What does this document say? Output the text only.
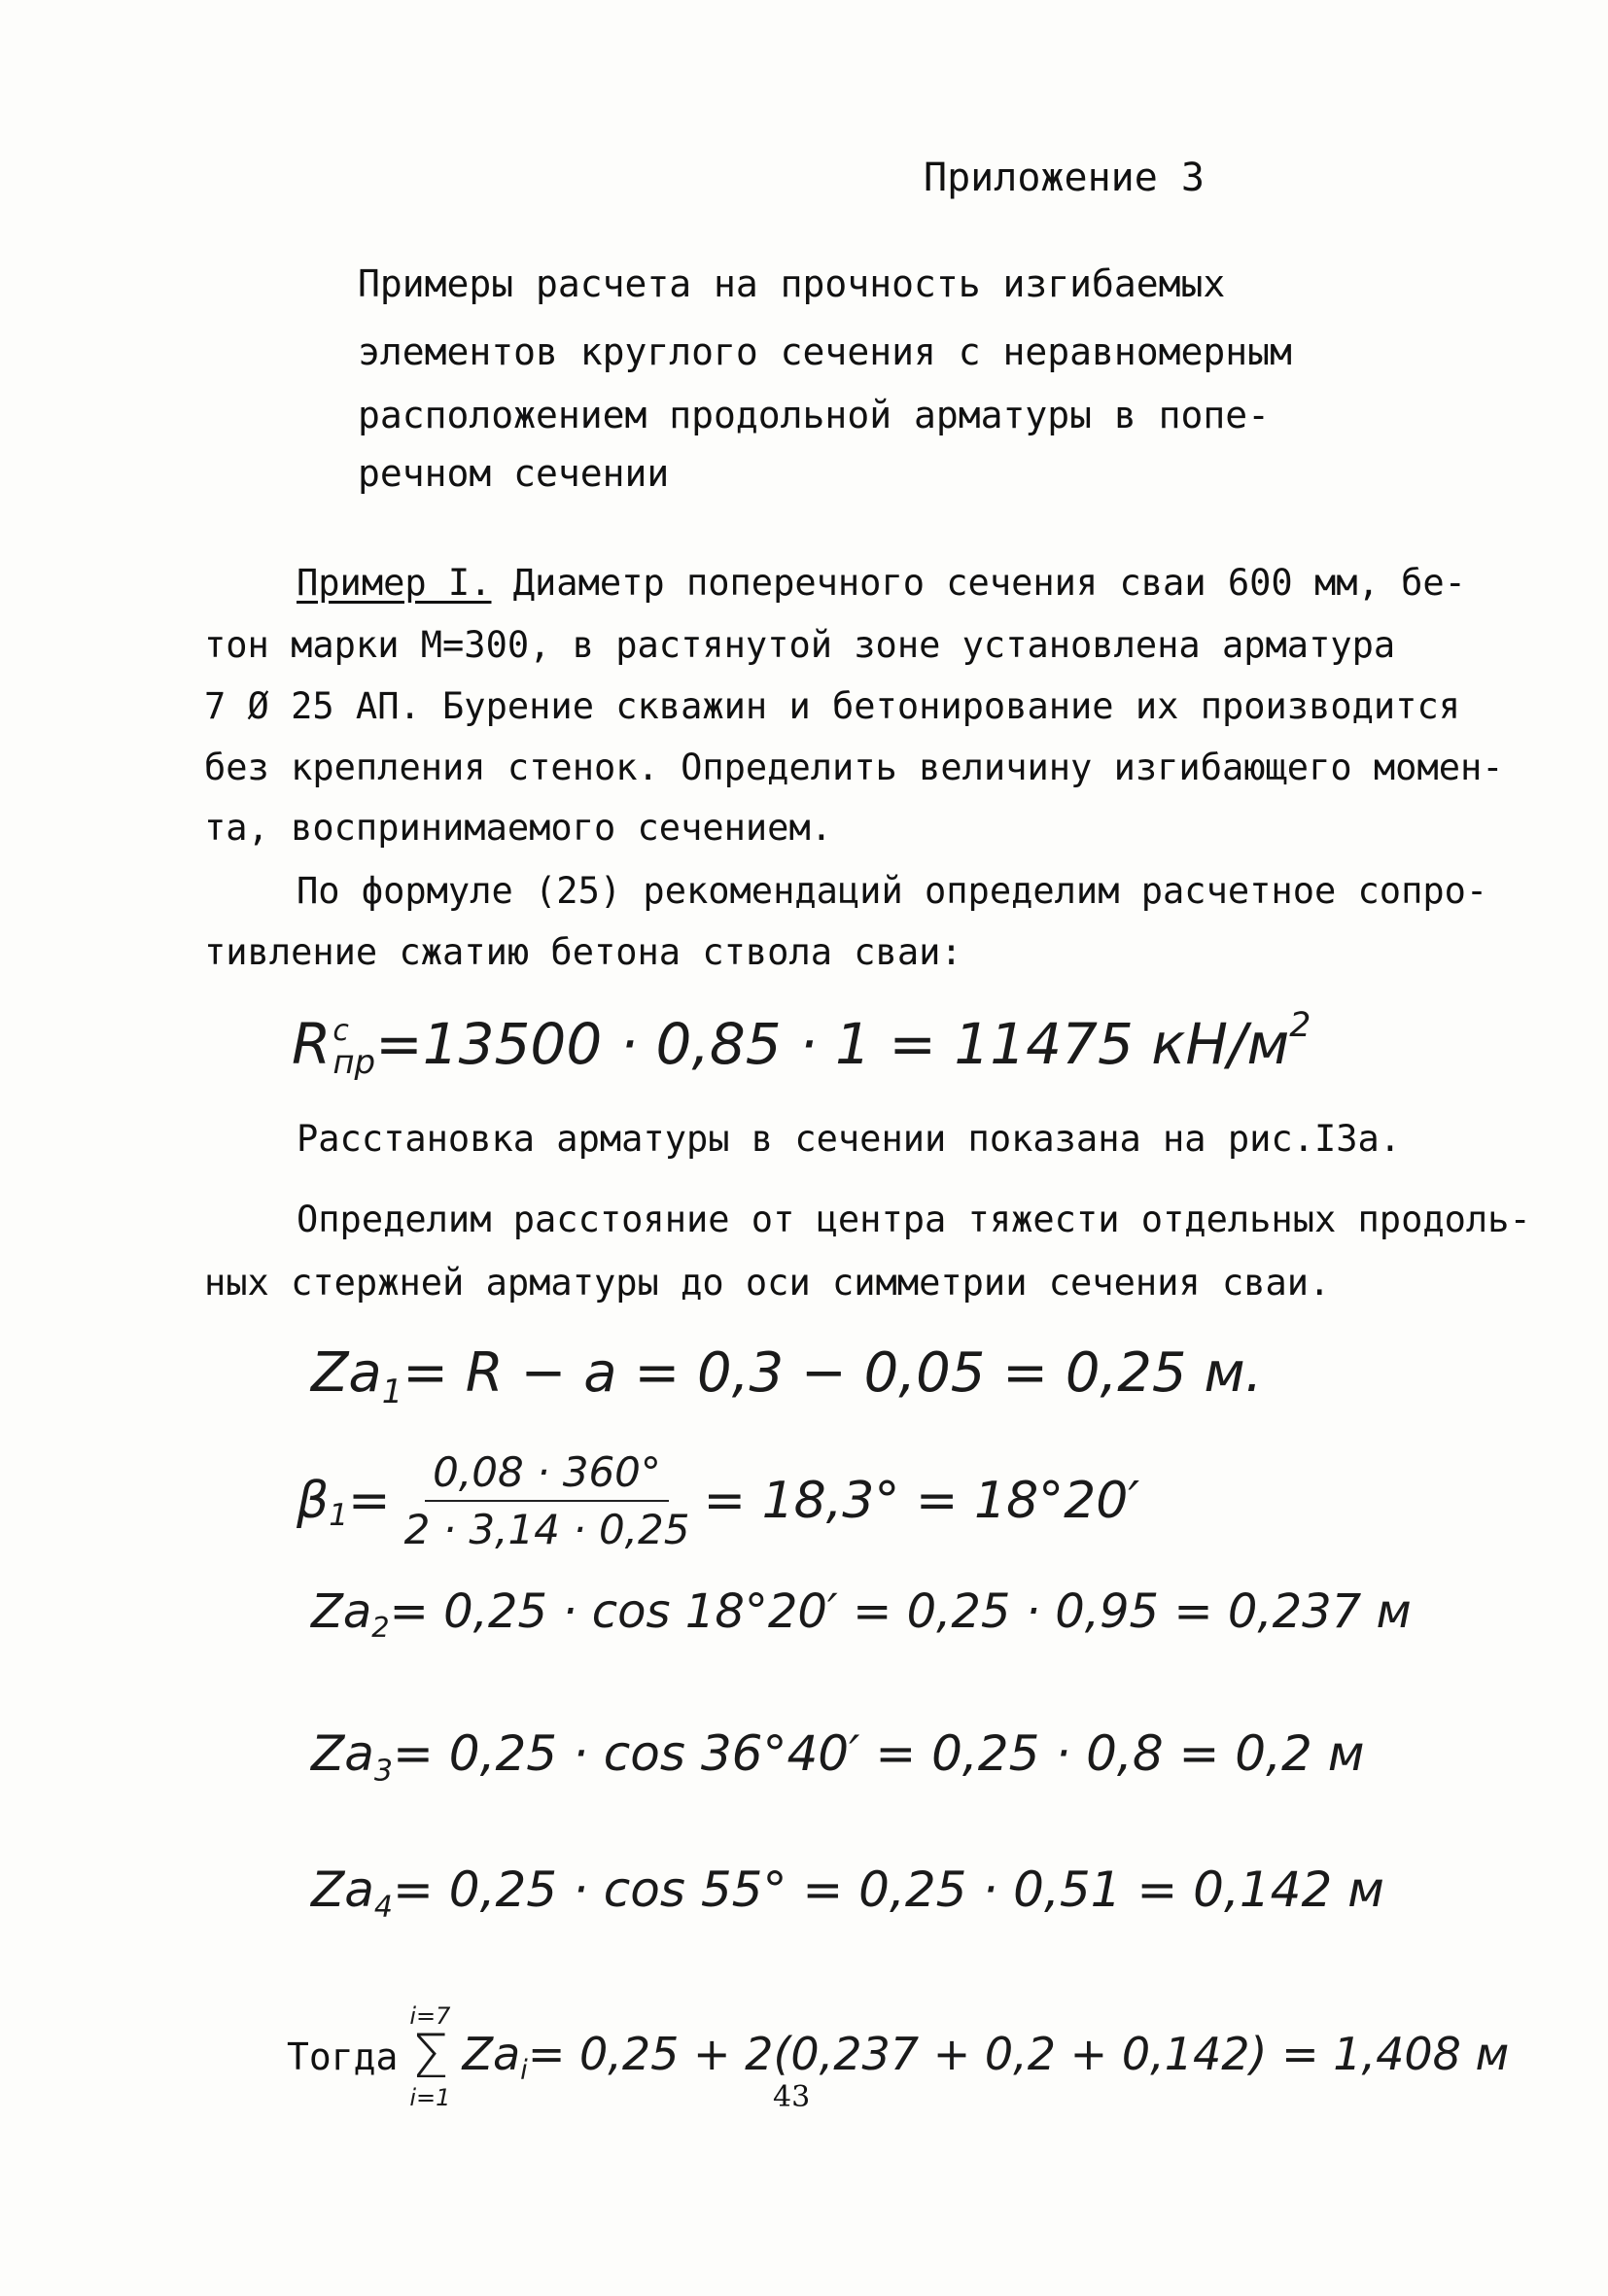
Приложение 3
Примеры расчета на прочность изгибаемых
элементов круглого сечения с неравномерным
расположением продольной арматуры в попе-
речном сечении
Пример I. Диаметр поперечного сечения сваи 600 мм, бе-
тон марки М=300, в растянутой зоне установлена арматура
7 Ø 25 АП. Бурение скважин и бетонирование их производится
без крепления стенок. Определить величину изгибающего момен-
та, воспринимаемого сечением.
По формуле (25) рекомендаций определим расчетное сопро-
тивление сжатию бетона ствола сваи:
R c
пр =13500 · 0,85 · 1 = 11475 $кН/м^2$
Расстановка арматуры в сечении показана на рис.I3а.
Определим расстояние от центра тяжести отдельных продоль-
ных стержней арматуры до оси симметрии сечения сваи.
$Za_1= R - a = 0,3 - 0,05 = 0,25$ м.
$\beta_1= \frac{0,08 \cdot 360^\circ}{2 \cdot 3,14 \cdot 0,25} = 18,3^\circ = 18^\circ 20'$
$Za_2= 0,25 \cdot \cos 18^\circ 20' = 0,25 \cdot 0,95 = 0,237$ м
$Za_3= 0,25 \cdot \cos 36^\circ 40' = 0,25 \cdot 0,8 = 0,2$ м
$Za_4= 0,25 \cdot \cos 55^\circ = 0,25 \cdot 0,51 = 0,142$ м
Тогда
i=7
Σ
i=1
$Za_i= 0,25 + 2(0,237 + 0,2 + 0,142) = 1,408$ м
43
